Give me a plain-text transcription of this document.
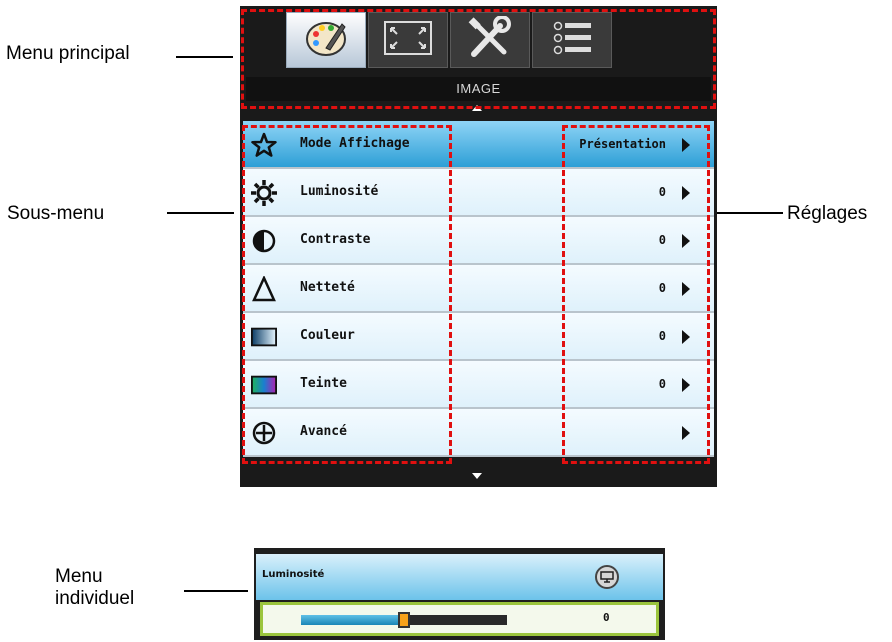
Menu principal
Sous-menu	Réglages
Menu
individuel
IMAGE
Mode Affichage	Présentation
Luminosité	0
Contraste	0
Netteté	0
Couleur	0
Teinte	0
Avancé
Luminosité
0
